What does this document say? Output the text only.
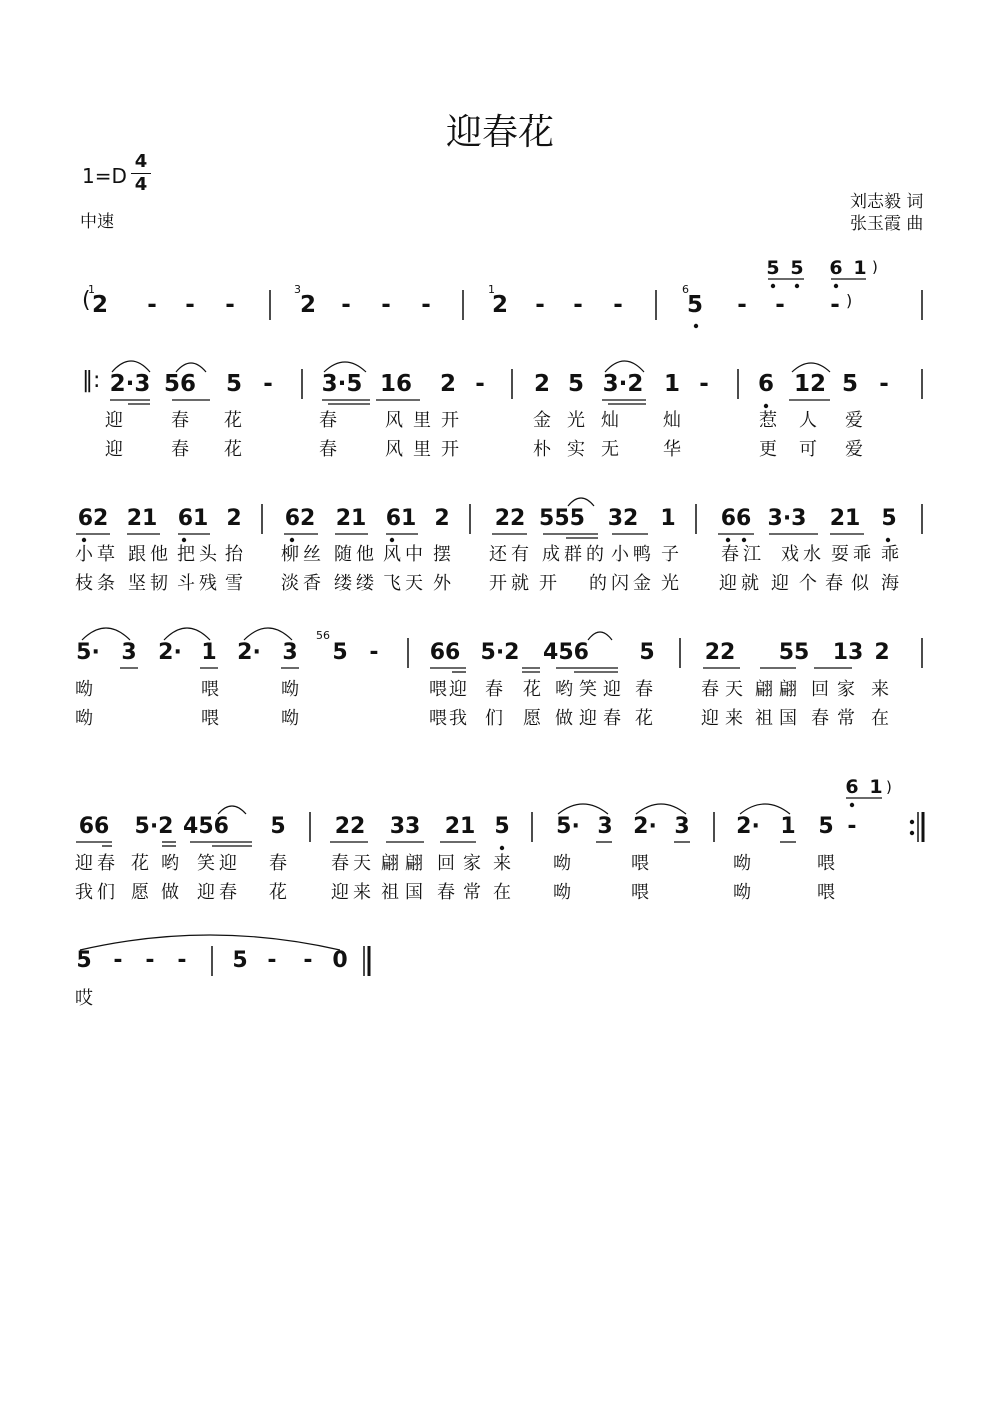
迎春花
1=D
4
4
中速
刘志毅 词
张玉霞 曲
2 - - -	2 - - -	2 - - -	5 - - -
(	)
1	3	1	6
5 5 6 1 )
2·3 56 5 - 3·5 16 2 - 2 5 3·2 1 - 6 12 5 -
‖:
迎	春 花	春	风 里 开	金 光 灿 灿	惹 人 爱
迎	春 花	春	风 里 开	朴 实 无 华	更 可 爱
62 21 61 2 62 21 61 2 22 555 32 1 66 3·3 21 5
小 草 跟 他 把 头 抬 柳 丝 随 他 风 中 摆 还 有 成 群 的 小 鸭 子 春 江 戏 水 耍 乖 乖
枝 条 坚 韧 斗 残 雪 淡 香 缕 缕 飞 天 外 开 就 开 的 闪 金 光 迎 就 迎 个 春 似 海
5· 3 2· 1 2· 3 5 - 66 5·2 456 5 22 55 13 2
56
呦	喂	呦	喂 迎 春 花 哟 笑 迎 春	春 天 翩 翩 回 家 来
呦	喂	呦	喂 我 们 愿 做 迎 春 花	迎 来 祖 国 春 常 在
66 5·2 456 5 22 33 21 5 5· 3 2· 3 2· 1 5 -
6 1 )
迎 春 花 哟 笑 迎 春 春 天 翩 翩 回 家 来 呦	喂	呦	喂
我 们 愿 做 迎 春 花 迎 来 祖 国 春 常 在 呦	喂	呦	喂
5 - - - 5 - - 0
哎
